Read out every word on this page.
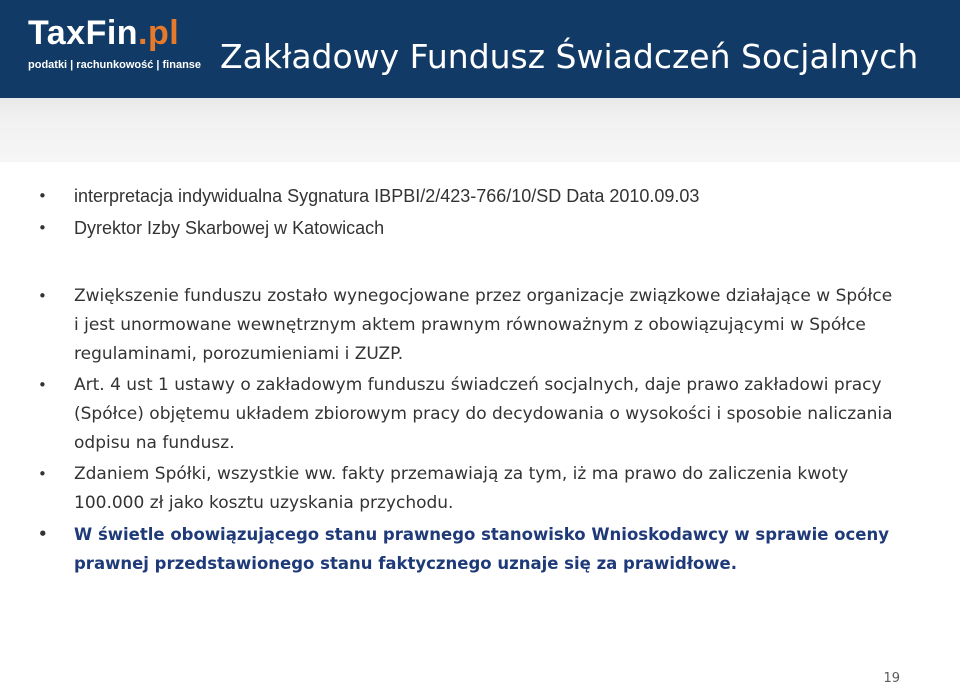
TaxFin.pl

podatki | rachunkowość | finanse Zakładowy Fundusz Świadczeń Socjalnych
• interpretacja indywidualna Sygnatura IBPBI/2/423-766/10/SD Data 2010.09.03
• Dyrektor Izby Skarbowej w Katowicach
• Zwiększenie funduszu zostało wynegocjowane przez organizacje związkowe działające w Spółce i jest unormowane wewnętrznym aktem prawnym równoważnym z obowiązującymi w Spółce regulaminami, porozumieniami i ZUZP.
• Art. 4 ust 1 ustawy o zakładowym funduszu świadczeń socjalnych, daje prawo zakładowi pracy (Spółce) objętemu układem zbiorowym pracy do decydowania o wysokości i sposobie naliczania odpisu na fundusz.
• Zdaniem Spółki, wszystkie ww. fakty przemawiają za tym, iż ma prawo do zaliczenia kwoty 100.000 zł jako kosztu uzyskania przychodu.
• W świetle obowiązującego stanu prawnego stanowisko Wnioskodawcy w sprawie oceny prawnej przedstawionego stanu faktycznego uznaje się za prawidłowe.
19
